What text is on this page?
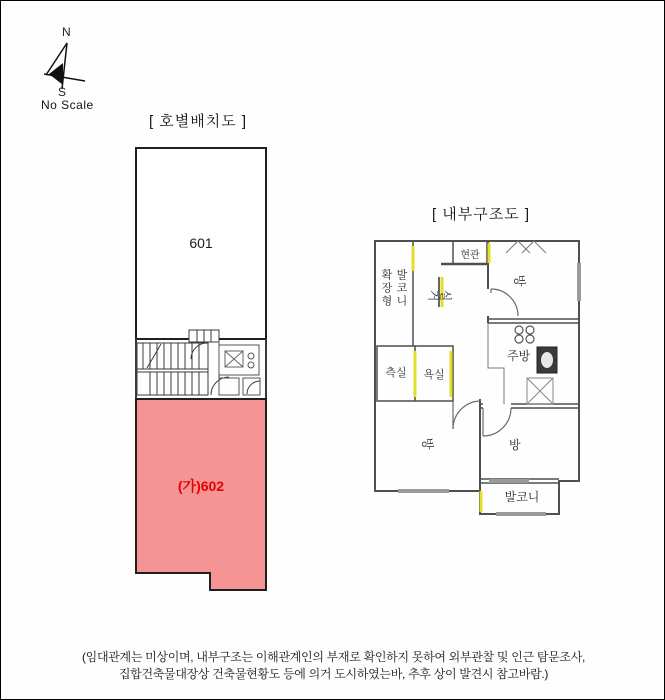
N
S
No Scale
[ 호별배치도 ]
601
(가)602
[ 내부구조도 ]
현관
거실
방
주방
측실	욕실
방	방
발코니
확장형 발코니
(임대관계는 미상이며, 내부구조는 이해관계인의 부재로 확인하지 못하여 외부관찰 및 인근 탐문조사,
집합건축물대장상 건축물현황도 등에 의거 도시하였는바, 추후 상이 발견시 참고바람.)
